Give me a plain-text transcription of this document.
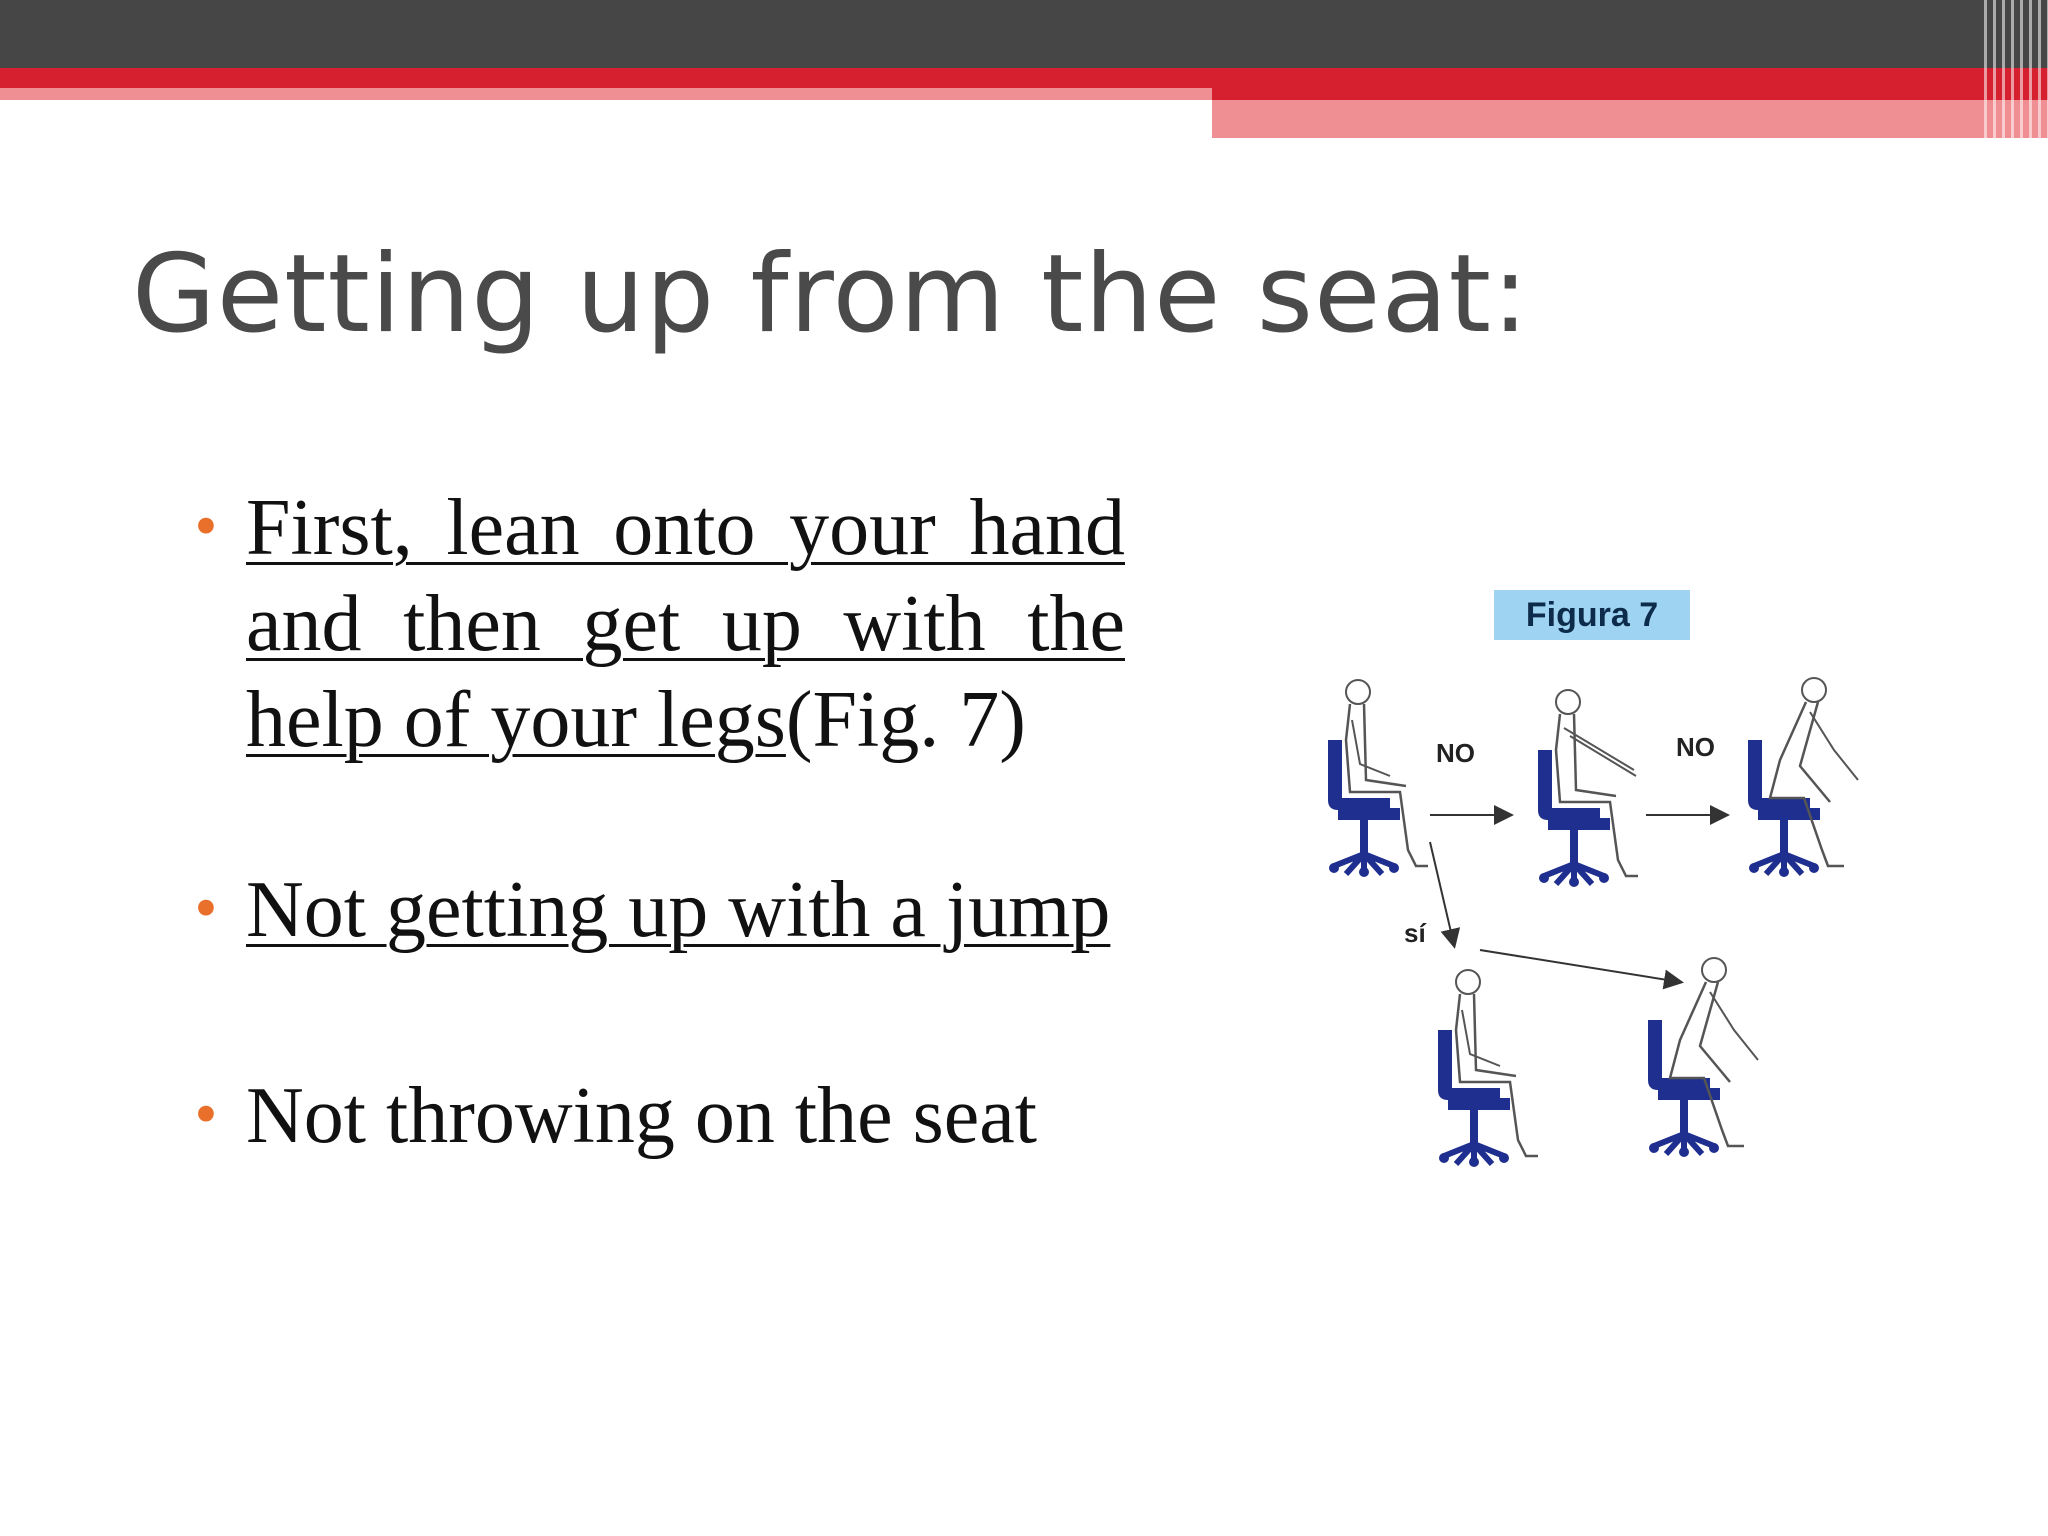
Getting up from the seat:
• First, lean onto your hand and then get up with the help of your legs(Fig. 7)
• Not getting up with a jump
• Not throwing on the seat
Figura 7
NO	NO
sí
